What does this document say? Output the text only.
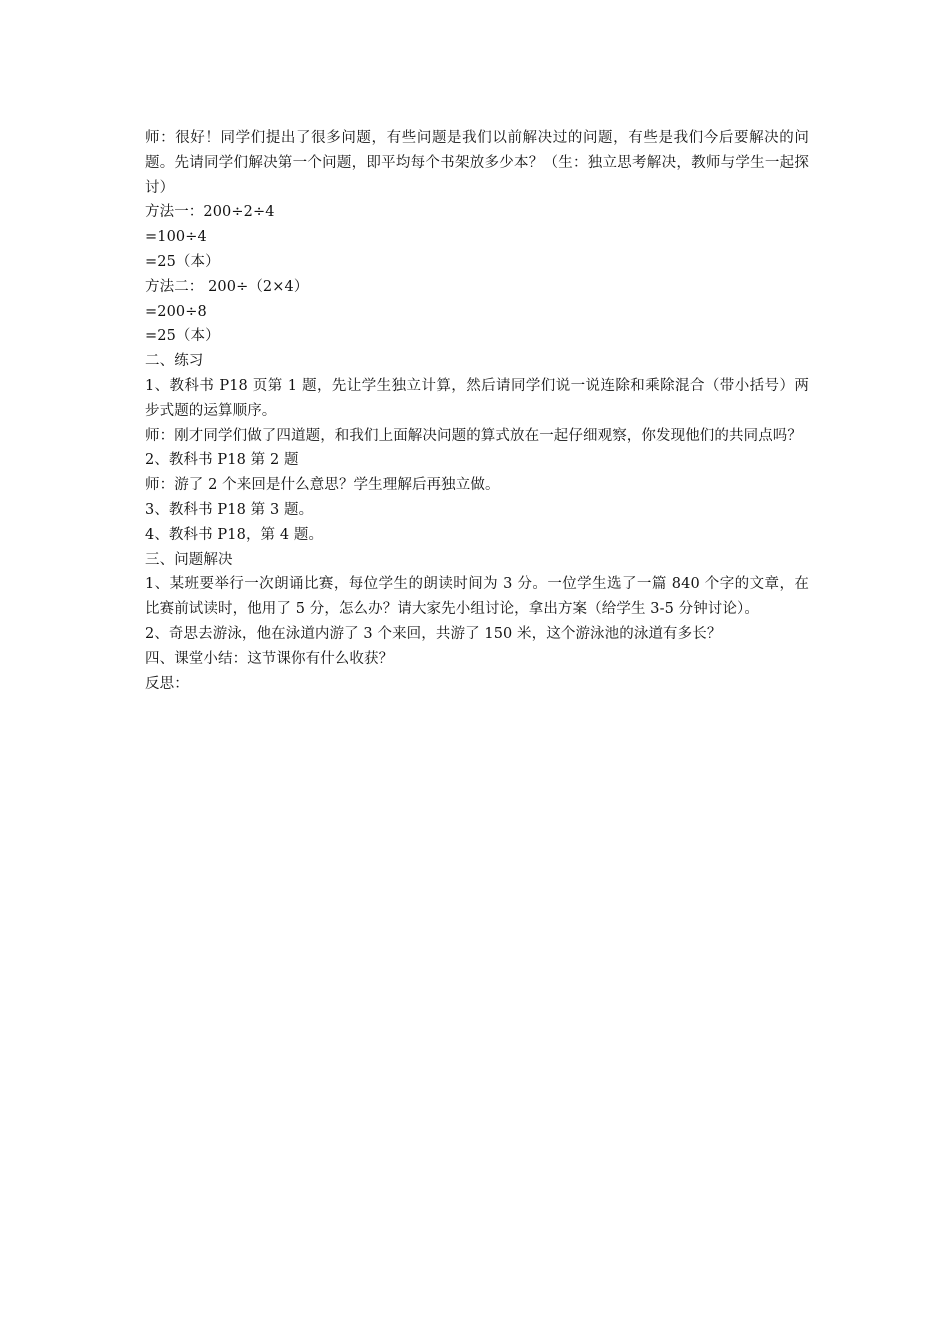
师：很好！同学们提出了很多问题，有些问题是我们以前解决过的问题，有些是我们今后要解决的问题。先请同学们解决第一个问题，即平均每个书架放多少本？（生：独立思考解决，教师与学生一起探讨）

方法一：200÷2÷4

=100÷4

=25（本）

方法二： 200÷（2×4）

=200÷8

=25（本）

二、练习

1、教科书 P18 页第 1 题，先让学生独立计算，然后请同学们说一说连除和乘除混合（带小括号）两步式题的运算顺序。

师：刚才同学们做了四道题，和我们上面解决问题的算式放在一起仔细观察，你发现他们的共同点吗？

2、教科书 P18 第 2 题

师：游了 2 个来回是什么意思？学生理解后再独立做。

3、教科书 P18 第 3 题。

4、教科书 P18，第 4 题。

三、问题解决

1、某班要举行一次朗诵比赛，每位学生的朗读时间为 3 分。一位学生选了一篇 840 个字的文章，在比赛前试读时，他用了 5 分，怎么办？请大家先小组讨论，拿出方案（给学生 3-5 分钟讨论）。

2、奇思去游泳，他在泳道内游了 3 个来回，共游了 150 米，这个游泳池的泳道有多长？

四、课堂小结：这节课你有什么收获？

反思：
